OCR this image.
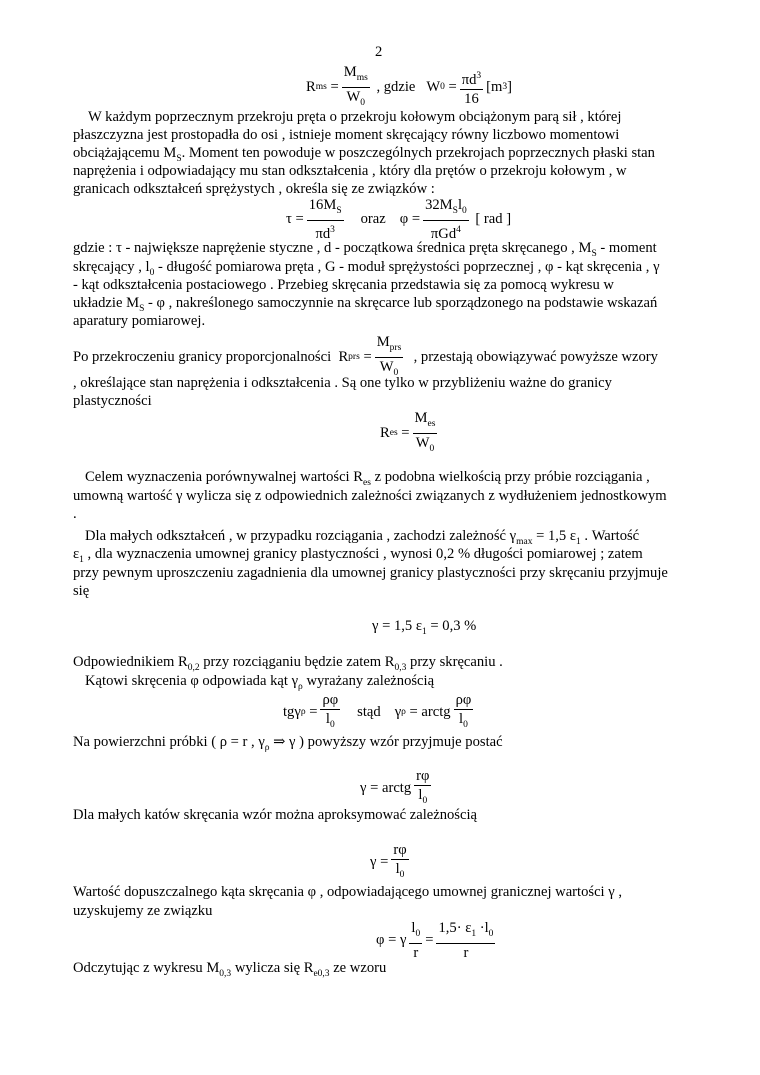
2
R ms = $\frac{M_{ms}}{W_0}$
, gdzie
W $0 = \frac{\pi d^3}{16} [m$ 3 ]
W każdym poprzecznym przekroju pręta o przekroju kołowym obciążonym parą sił , której
płaszczyzna jest prostopadła do osi , istnieje moment skręcający równy liczbowo momentowi
obciążającemu $M_S$. Moment ten powoduje w poszczególnych przekrojach poprzecznych płaski stan
naprężenia i odpowiadający mu stan odkształcenia , który dla prętów o przekroju kołowym , w
granicach odkształceń sprężystych , określa się ze związków :
$\tau = \frac{16M_S}{\pi d^3}$ oraz $\varphi = \frac{32M_Sl_0}{\pi Gd^4}$
[ rad ]
gdzie : τ - największe naprężenie styczne , d - początkowa średnica pręta skręcanego , $M_S$ - moment
skręcający , $l_0$ - długość pomiarowa pręta , G - moduł sprężystości poprzecznej , φ - kąt skręcenia , γ
- kąt odkształcenia postaciowego . Przebieg skręcania przedstawia się za pomocą wykresu w
układzie $M_S$ - φ , nakreślonego samoczynnie na skręcarce lub sporządzonego na podstawie wskazań
aparatury pomiarowej.
Po przekroczeniu granicy proporcjonalności
R prs = $\frac{M_{prs}}{W_0}$
, przestają obowiązywać powyższe wzory
, określające stan naprężenia i odkształcenia . Są one tylko w przybliżeniu ważne do granicy
plastyczności
R es = $\frac{M_{es}}{W_0}$
Celem wyznaczenia porównywalnej wartości $R_{es}$ z podobna wielkością przy próbie rozciągania ,
umowną wartość γ wylicza się z odpowiednich zależności związanych z wydłużeniem jednostkowym
.
Dla małych odkształceń , w przypadku rozciągania , zachodzi zależność $\gamma_{max} = 1,5$ $\varepsilon_1$ . Wartość
$\varepsilon_1$ , dla wyznaczenia umownej granicy plastyczności , wynosi 0,2 % długości pomiarowej ; zatem
przy pewnym uproszczeniu zagadnienia dla umownej granicy plastyczności przy skręcaniu przyjmuje
się
γ = 1,5 $\varepsilon_1 = 0,3$ %
Odpowiednikiem $R_{0,2}$ przy rozciąganiu będzie zatem $R_{0,3}$ przy skręcaniu .
Kątowi skręcenia φ odpowiada kąt $\gamma_\rho$ wyrażany zależnością
tgγ ρ
= $\frac{\rho\varphi}{l_0}$ stąd γ ρ
= arctg $\frac{\rho\varphi}{l_0}$
Na powierzchni próbki ( ρ = r , $\gamma_\rho$ ⇒ γ ) powyższy wzór przyjmuje postać
γ = arctg $\frac{r\varphi}{l_0}$
Dla małych katów skręcania wzór można aproksymować zależnością
$\gamma = \frac{r\varphi}{l_0}$
Wartość dopuszczalnego kąta skręcania φ , odpowiadającego umownej granicznej wartości γ ,
uzyskujemy ze związku
φ = γ $\frac{l_0}{r} = \frac{1,5\cdot \varepsilon_1 \cdot l_0}{r}$
Odczytując z wykresu $M_{0,3}$ wylicza się $R_{e0,3}$ ze wzoru
